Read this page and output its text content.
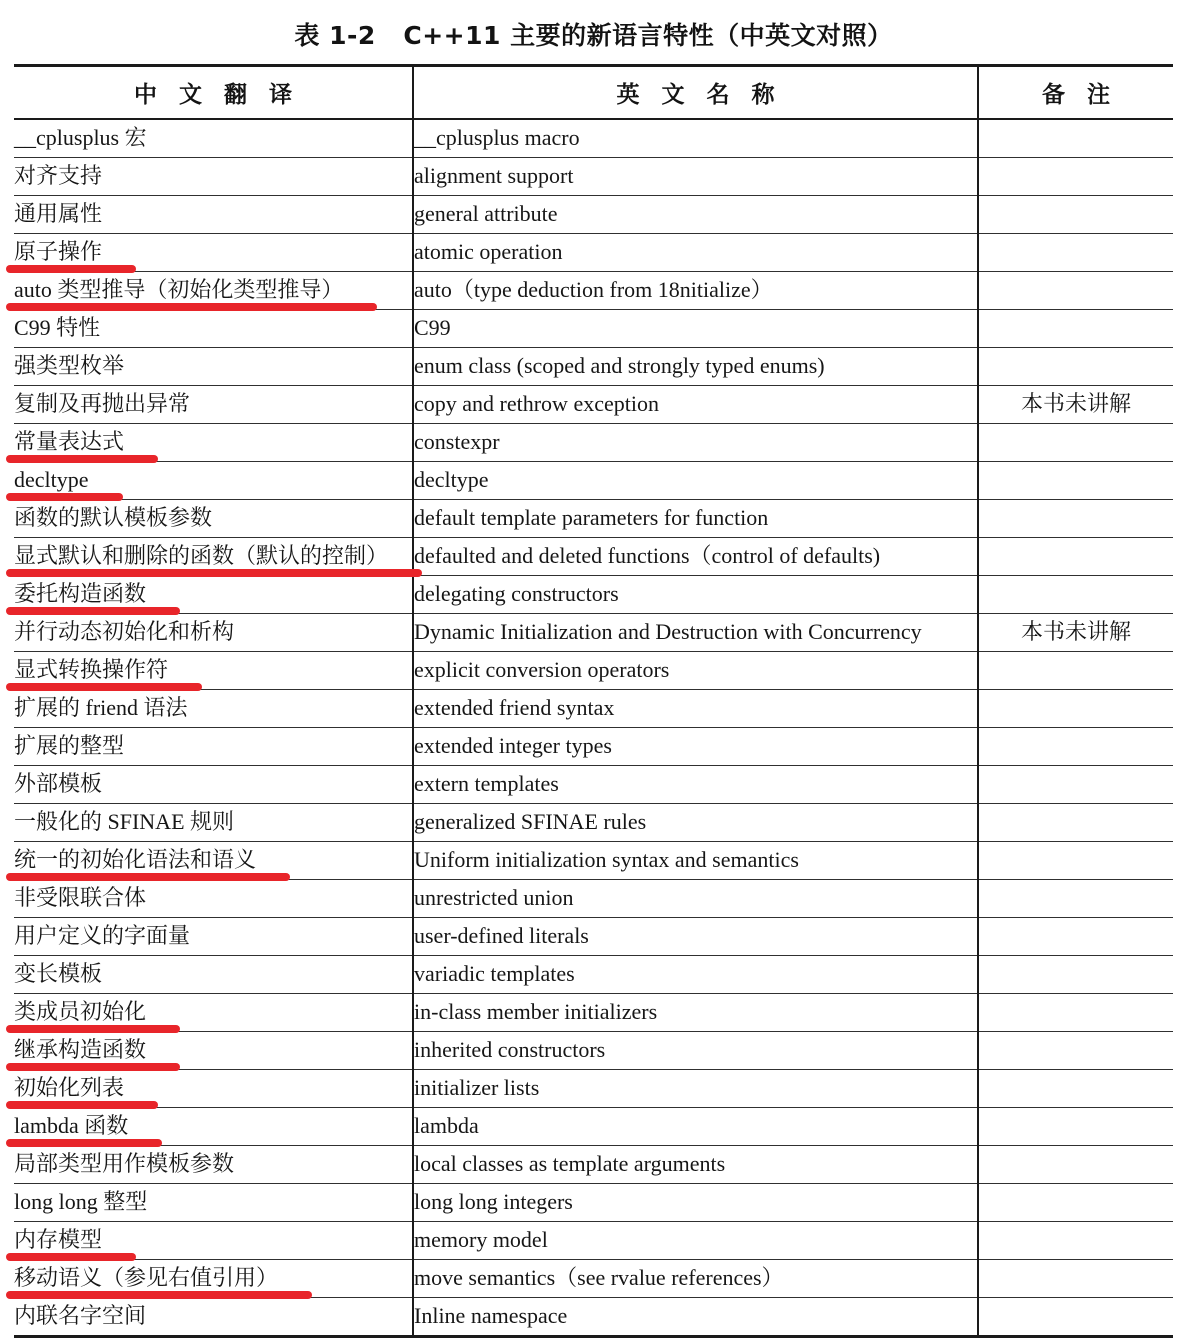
表 1-2   C++11 主要的新语言特性（中英文对照）
中 文 翻 译	英 文 名 称	备 注
__cplusplus 宏	__cplusplus macro	
对齐支持	alignment support	
通用属性	general attribute	
原子操作	atomic operation	
auto 类型推导（初始化类型推导）	auto（type deduction from 18nitialize）	
C99 特性	C99	
强类型枚举	enum class (scoped and strongly typed enums)	
复制及再抛出异常	copy and rethrow exception	本书未讲解
常量表达式	constexpr	
decltype	decltype	
函数的默认模板参数	default template parameters for function	
显式默认和删除的函数（默认的控制）	defaulted and deleted functions（control of defaults)	
委托构造函数	delegating constructors	
并行动态初始化和析构	Dynamic Initialization and Destruction with Concurrency	本书未讲解
显式转换操作符	explicit conversion operators	
扩展的 friend 语法	extended friend syntax	
扩展的整型	extended integer types	
外部模板	extern templates	
一般化的 SFINAE 规则	generalized SFINAE rules	
统一的初始化语法和语义	Uniform initialization syntax and semantics	
非受限联合体	unrestricted union	
用户定义的字面量	user-defined literals	
变长模板	variadic templates	
类成员初始化	in-class member initializers	
继承构造函数	inherited constructors	
初始化列表	initializer lists	
lambda 函数	lambda	
局部类型用作模板参数	local classes as template arguments	
long long 整型	long long integers	
内存模型	memory model	
移动语义（参见右值引用）	move semantics（see rvalue references）	
内联名字空间	Inline namespace	
